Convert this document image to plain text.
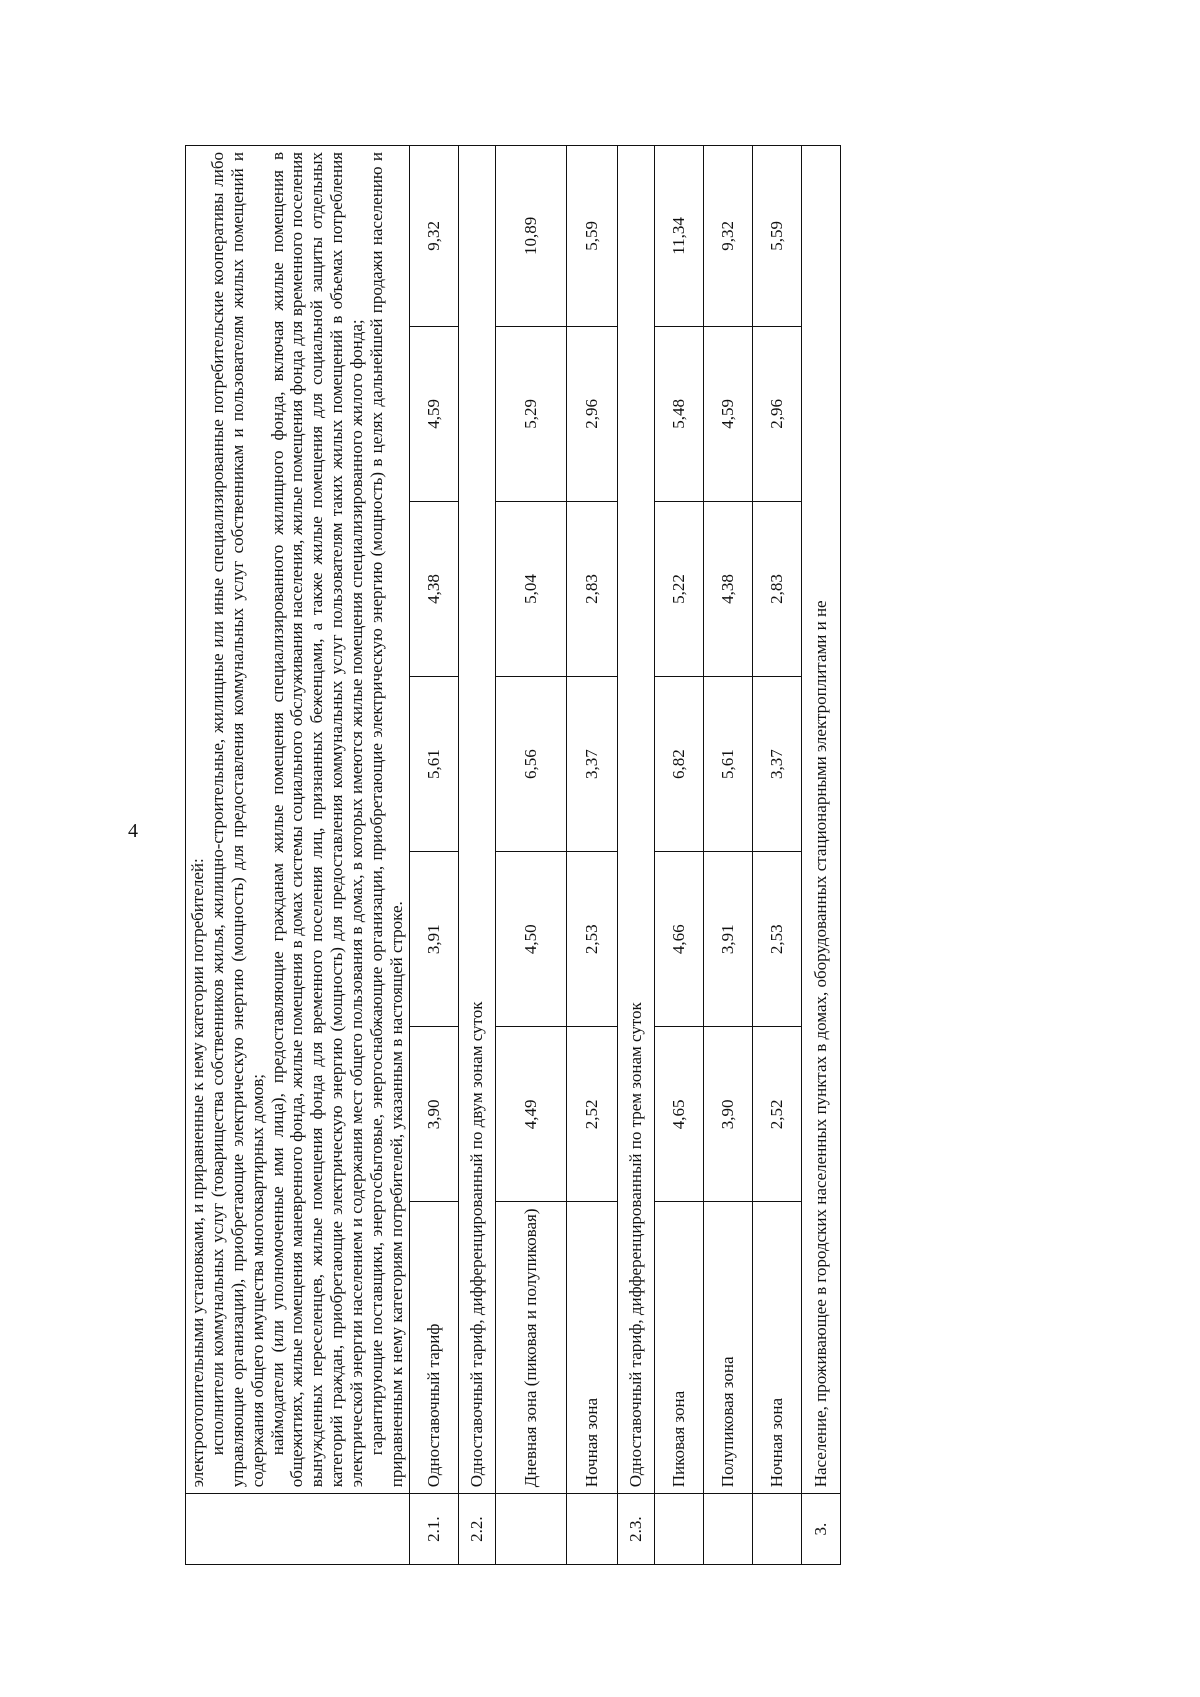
4

	электроотопительными установками, и приравненные к нему категории потребителей: исполнители коммунальных услуг (товарищества собственников жилья, жилищно-строительные, жилищные или иные специализированные потребительские кооперативы либо управляющие организации), приобретающие электрическую энергию (мощность) для предоставления коммунальных услуг собственникам и пользователям жилых помещений и содержания общего имущества многоквартирных домов; наймодатели (или уполномоченные ими лица), предоставляющие гражданам жилые помещения специализированного жилищного фонда, включая жилые помещения в общежитиях, жилые помещения маневренного фонда, жилые помещения в домах системы социального обслуживания населения, жилые помещения фонда для временного поселения вынужденных переселенцев, жилые помещения фонда для временного поселения лиц, признанных беженцами, а также жилые помещения для социальной защиты отдельных категорий граждан, приобретающие электрическую энергию (мощность) для предоставления коммунальных услуг пользователям таких жилых помещений в объемах потребления электрической энергии населением и содержания мест общего пользования в домах, в которых имеются жилые помещения специализированного жилого фонда; гарантирующие поставщики, энергосбытовые, энергоснабжающие организации, приобретающие электрическую энергию (мощность) в целях дальнейшей продажи населению и приравненным к нему категориям потребителей, указанным в настоящей строке.						

2.1.	Одноставочный тариф	3,90	3,91	5,61	4,38	4,59	9,32
2.2.	Одноставочный тариф, дифференцированный по двум зонам суток						
	Дневная зона (пиковая и полупиковая)	4,49	4,50	6,56	5,04	5,29	10,89
	Ночная зона	2,52	2,53	3,37	2,83	2,96	5,59
2.3.	Одноставочный тариф, дифференцированный по трем зонам суток						
	Пиковая зона	4,65	4,66	6,82	5,22	5,48	11,34
	Полупиковая зона	3,90	3,91	5,61	4,38	4,59	9,32
	Ночная зона	2,52	2,53	3,37	2,83	2,96	5,59
3.	Население, проживающее в городских населенных пунктах в домах, оборудованных стационарными электроплитами и не						
